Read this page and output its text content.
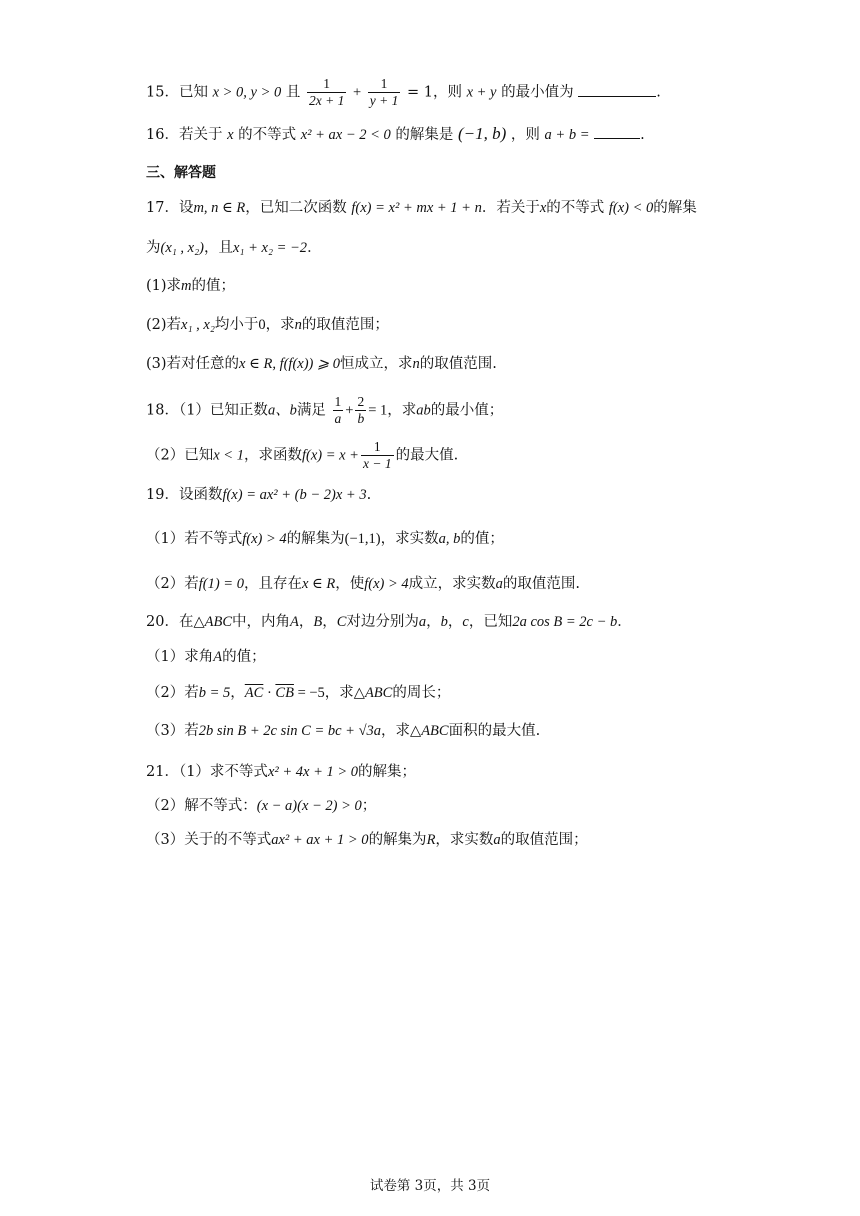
15．已知 x > 0, y > 0 且 $\frac{1}{2x + 1} + \frac{1}{y + 1} = 1$，则 x + y 的最小值为	.
16．若关于 x 的不等式 x² + ax − 2 < 0 的解集是 (−1, b) ，则 a + b =	.
三、解答题
17．设m, n ∈ R，已知二次函数 f(x) = x² + mx + 1 + n．若关于x的不等式 f(x) < 0的解集
为(x₁ , x₂)，且x₁ + x₂ = −2．
(1)求m的值；
(2)若x₁ , x₂均小于0，求n的取值范围；
(3)若对任意的x ∈ R, f(f(x)) ⩾ 0恒成立，求n的取值范围.
18．（1）已知正数a、b满足 $\frac{1}{a} + \frac{2}{b} = 1$，求ab的最小值；
（2）已知x < 1，求函数$f(x) = x + \frac{1}{x - 1}$ 的最大值.
19．设函数f(x) = ax² + (b − 2)x + 3.
（1）若不等式f(x) > 4的解集为(−1,1)，求实数a, b的值；
（2）若f(1) = 0，且存在x ∈ R，使f(x) > 4成立，求实数a的取值范围.
20．在△ABC中，内角A，B，C对边分别为a，b，c，已知2a cos B = 2c − b．
（1）求角A的值；
（2）若b = 5，$\overline{AC} \cdot \overline{CB} = -5$，求△ABC的周长；
（3）若2b sin B + 2c sin C = bc + √3a，求△ABC面积的最大值.
21．（1）求不等式x² + 4x + 1 > 0的解集；
（2）解不等式：(x − a)(x − 2) > 0；
（3）关于的不等式ax² + ax + 1 > 0的解集为R，求实数a的取值范围；
试卷第 3页，共 3页
